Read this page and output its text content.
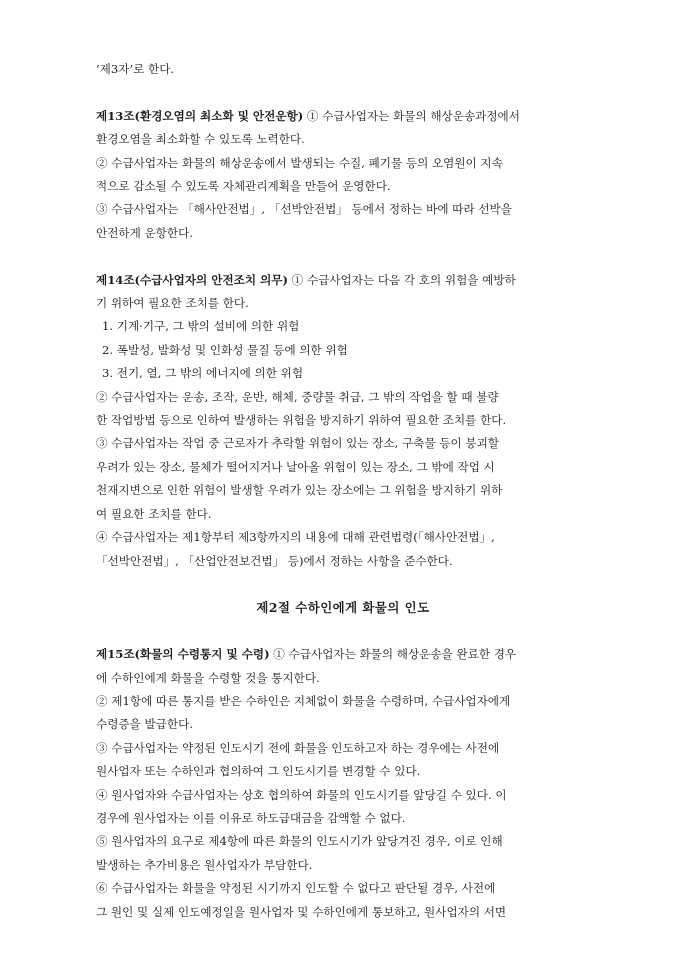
‘제3자’로 한다.
제13조(환경오염의 최소화 및 안전운항) ① 수급사업자는 화물의 해상운송과정에서
환경오염을 최소화할 수 있도록 노력한다.
② 수급사업자는 화물의 해상운송에서 발생되는 수질, 폐기물 등의 오염원이 지속
적으로 감소될 수 있도록 자체관리계획을 만들어 운영한다.
③ 수급사업자는 「해사안전법」, 「선박안전법」 등에서 정하는 바에 따라 선박을
안전하게 운항한다.
제14조(수급사업자의 안전조치 의무) ① 수급사업자는 다음 각 호의 위험을 예방하
기 위하여 필요한 조치를 한다.
1. 기계·기구, 그 밖의 설비에 의한 위험
2. 폭발성, 발화성 및 인화성 물질 등에 의한 위험
3. 전기, 열, 그 밖의 에너지에 의한 위험
② 수급사업자는 운송, 조작, 운반, 해체, 중량물 취급, 그 밖의 작업을 할 때 불량
한 작업방법 등으로 인하여 발생하는 위험을 방지하기 위하여 필요한 조치를 한다.
③ 수급사업자는 작업 중 근로자가 추락할 위험이 있는 장소, 구축물 등이 붕괴할
우려가 있는 장소, 물체가 떨어지거나 날아올 위험이 있는 장소, 그 밖에 작업 시
천재지변으로 인한 위험이 발생할 우려가 있는 장소에는 그 위험을 방지하기 위하
여 필요한 조치를 한다.
④ 수급사업자는 제1항부터 제3항까지의 내용에 대해 관련법령(「해사안전법」,
「선박안전법」, 「산업안전보건법」 등)에서 정하는 사항을 준수한다.
제2절 수하인에게 화물의 인도
제15조(화물의 수령통지 및 수령) ① 수급사업자는 화물의 해상운송을 완료한 경우
에 수하인에게 화물을 수령할 것을 통지한다.
② 제1항에 따른 통지를 받은 수하인은 지체없이 화물을 수령하며, 수급사업자에게
수령증을 발급한다.
③ 수급사업자는 약정된 인도시기 전에 화물을 인도하고자 하는 경우에는 사전에
원사업자 또는 수하인과 협의하여 그 인도시기를 변경할 수 있다.
④ 원사업자와 수급사업자는 상호 협의하여 화물의 인도시기를 앞당길 수 있다. 이
경우에 원사업자는 이를 이유로 하도급대금을 감액할 수 없다.
⑤ 원사업자의 요구로 제4항에 따른 화물의 인도시기가 앞당겨진 경우, 이로 인해
발생하는 추가비용은 원사업자가 부담한다.
⑥ 수급사업자는 화물을 약정된 시기까지 인도할 수 없다고 판단될 경우, 사전에
그 원인 및 실제 인도예정일을 원사업자 및 수하인에게 통보하고, 원사업자의 서면
